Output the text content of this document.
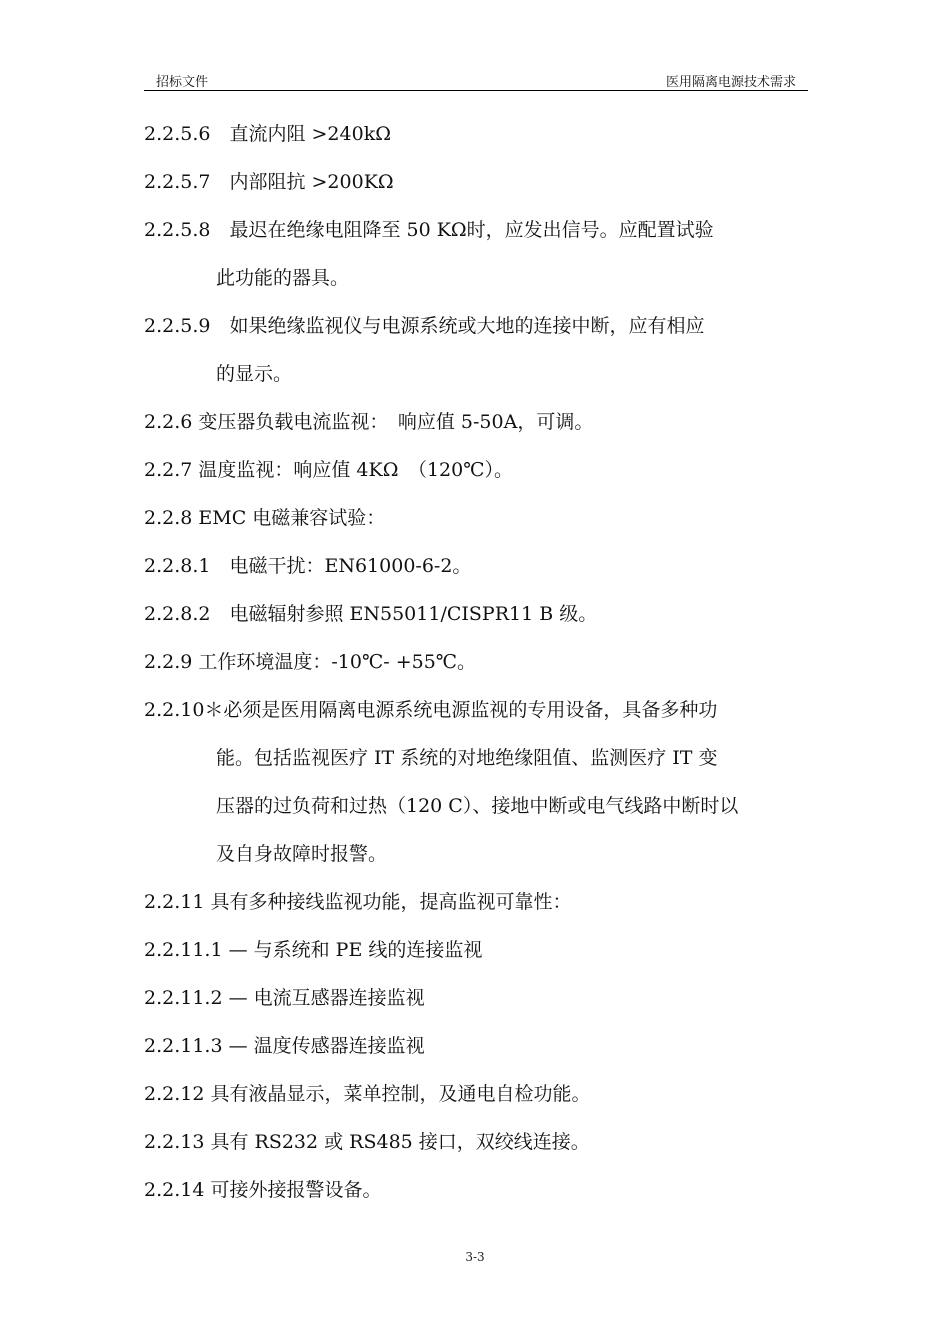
招标文件	医用隔离电源技术需求

2.2.5.6　直流内阻 >240kΩ

2.2.5.7　内部阻抗 >200KΩ

2.2.5.8　最迟在绝缘电阻降至 50 KΩ时，应发出信号。应配置试验
此功能的器具。

2.2.5.9　如果绝缘监视仪与电源系统或大地的连接中断，应有相应
的显示。

2.2.6 变压器负载电流监视：　响应值 5-50A，可调。

2.2.7 温度监视：响应值 4KΩ　（120℃）。

2.2.8 EMC 电磁兼容试验：

2.2.8.1　电磁干扰：EN61000-6-2。

2.2.8.2　电磁辐射参照 EN55011/CISPR11 B 级。

2.2.9 工作环境温度：-10℃- +55℃。

2.2.10＊必须是医用隔离电源系统电源监视的专用设备，具备多种功
能。包括监视医疗 IT 系统的对地绝缘阻值、监测医疗 IT 变
压器的过负荷和过热（120 C）、接地中断或电气线路中断时以
及自身故障时报警。

2.2.11 具有多种接线监视功能，提高监视可靠性：

2.2.11.1 — 与系统和 PE 线的连接监视

2.2.11.2 — 电流互感器连接监视

2.2.11.3 — 温度传感器连接监视

2.2.12 具有液晶显示，菜单控制，及通电自检功能。

2.2.13 具有 RS232 或 RS485 接口，双绞线连接。

2.2.14 可接外接报警设备。

3-3
